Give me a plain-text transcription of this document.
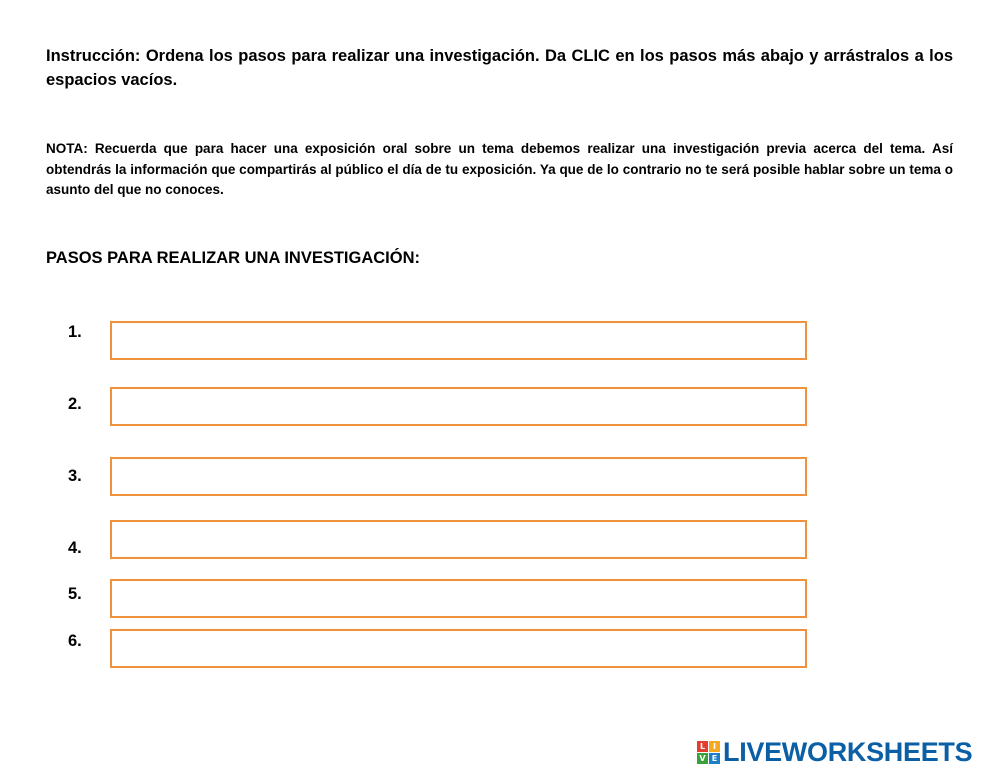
Instrucción: Ordena los pasos para realizar una investigación. Da CLIC en los pasos más abajo y arrástralos a los espacios vacíos.

NOTA: Recuerda que para hacer una exposición oral sobre un tema debemos realizar una investigación previa acerca del tema. Así obtendrás la información que compartirás al público el día de tu exposición. Ya que de lo contrario no te será posible hablar sobre un tema o asunto del que no conoces.

PASOS PARA REALIZAR UNA INVESTIGACIÓN:

1.
2.
3.
4.
5.
6.
L I
V E LIVEWORKSHEETS
